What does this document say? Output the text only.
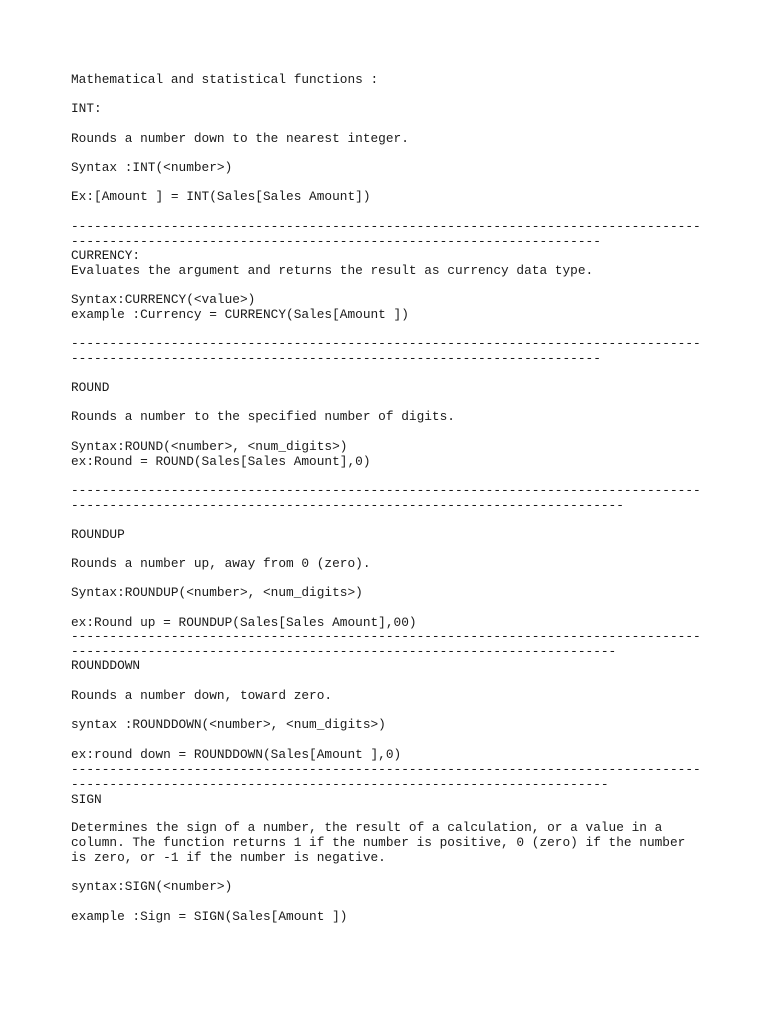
Mathematical and statistical functions :
INT:
Rounds a number down to the nearest integer.
Syntax :INT(<number>)
Ex:[Amount ] = INT(Sales[Sales Amount])
----------------------------------------------------------------------------------
---------------------------------------------------------------------
CURRENCY:
Evaluates the argument and returns the result as currency data type.
Syntax:CURRENCY(<value>)
example :Currency = CURRENCY(Sales[Amount ])
----------------------------------------------------------------------------------
---------------------------------------------------------------------
ROUND
Rounds a number to the specified number of digits.
Syntax:ROUND(<number>, <num_digits>)
ex:Round = ROUND(Sales[Sales Amount],0)
----------------------------------------------------------------------------------
------------------------------------------------------------------------
ROUNDUP
Rounds a number up, away from 0 (zero).
Syntax:ROUNDUP(<number>, <num_digits>)
ex:Round up = ROUNDUP(Sales[Sales Amount],00)
----------------------------------------------------------------------------------
-----------------------------------------------------------------------
ROUNDDOWN
Rounds a number down, toward zero.
syntax :ROUNDDOWN(<number>, <num_digits>)
ex:round down = ROUNDDOWN(Sales[Amount ],0)
----------------------------------------------------------------------------------
----------------------------------------------------------------------
SIGN
Determines the sign of a number, the result of a calculation, or a value in a column. The function returns 1 if the number is positive, 0 (zero) if the number is zero, or -1 if the number is negative.
syntax:SIGN(<number>)
example :Sign = SIGN(Sales[Amount ])
